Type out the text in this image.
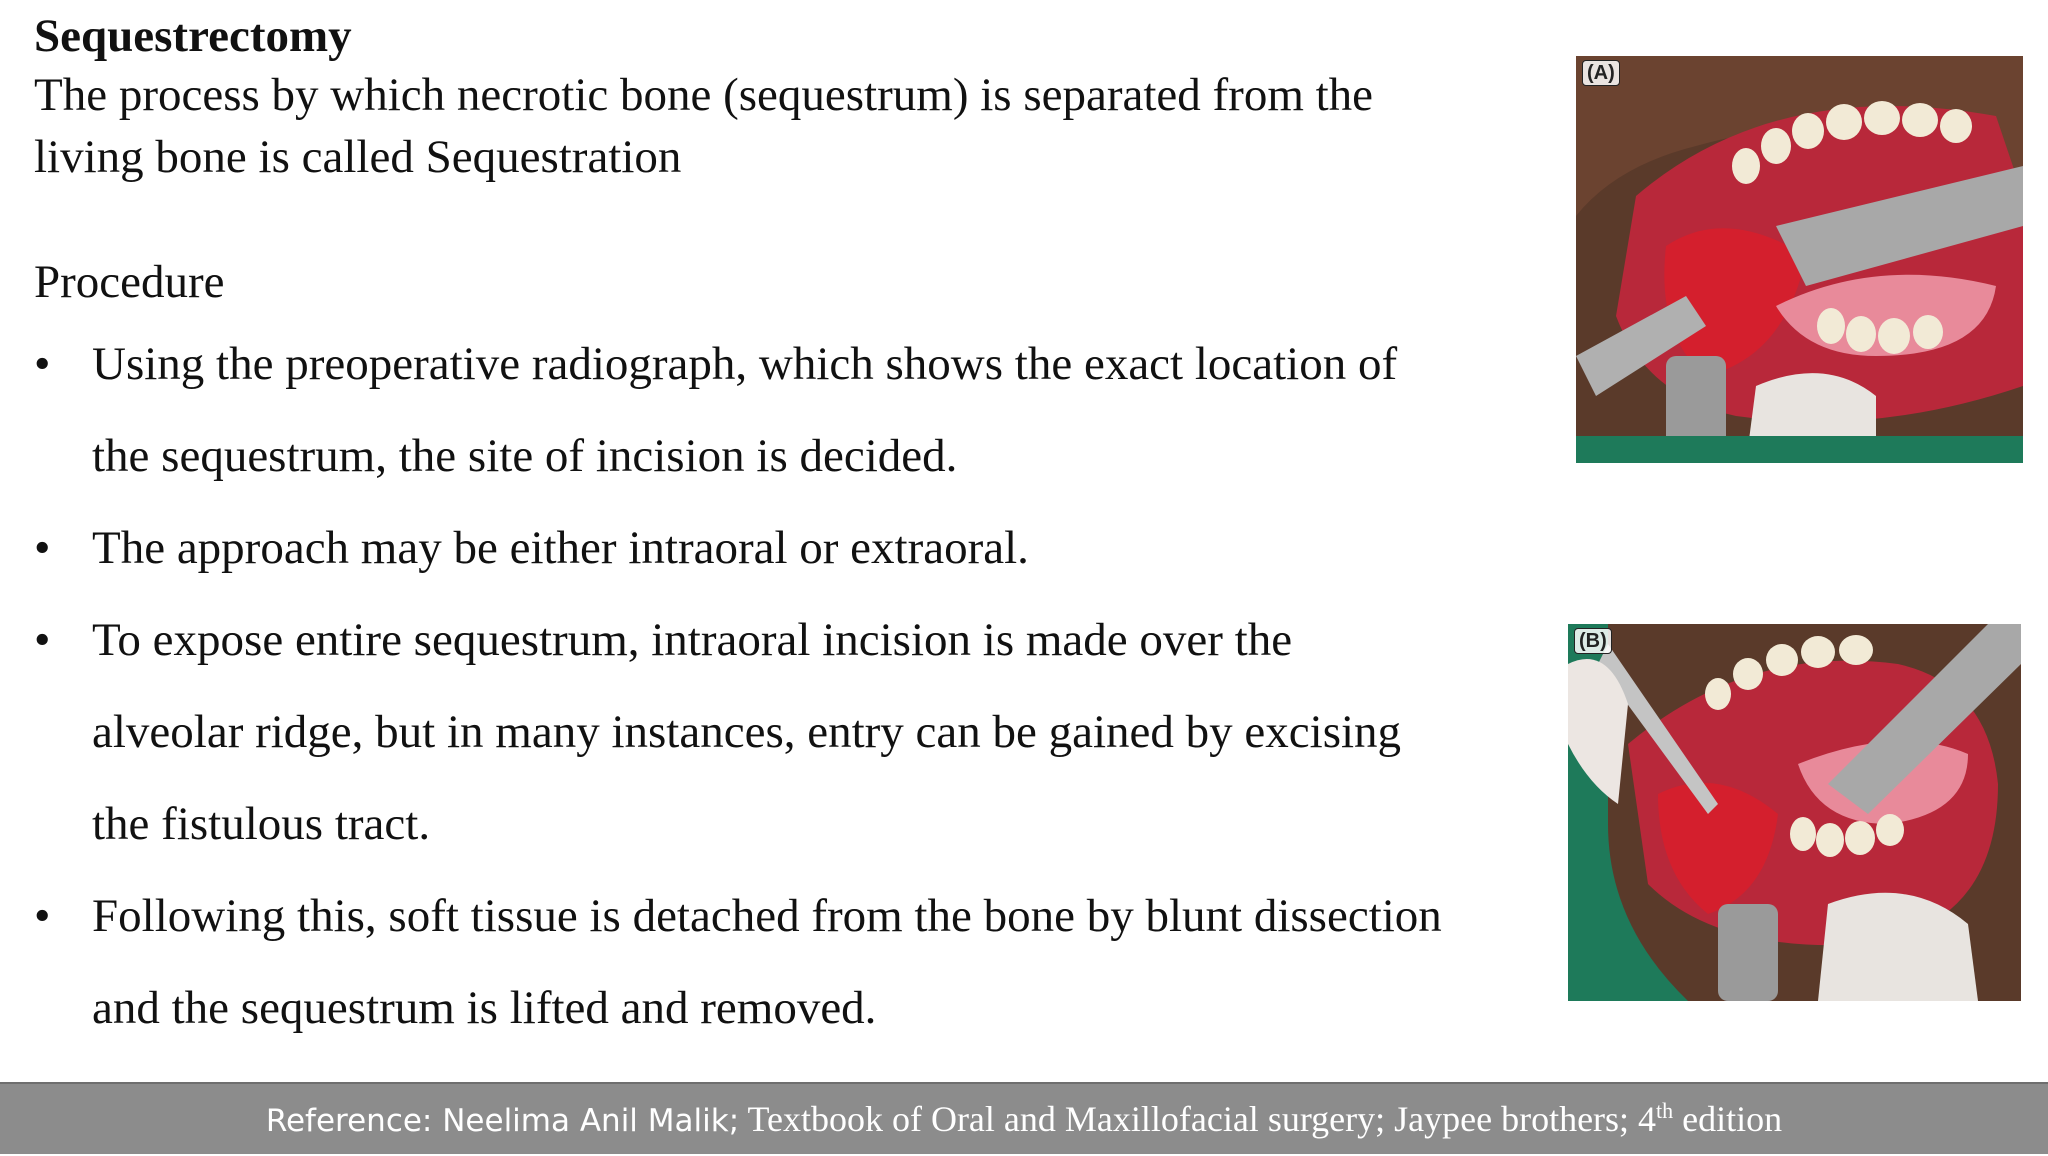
Sequestrectomy

The process by which necrotic bone (sequestrum) is separated from the
living bone is called Sequestration

Procedure

• Using the preoperative radiograph, which shows the exact location of
the sequestrum, the site of incision is decided.
• The approach may be either intraoral or extraoral.
• To expose entire sequestrum, intraoral incision is made over the
alveolar ridge, but in many instances, entry can be gained by excising
the fistulous tract.
• Following this, soft tissue is detached from the bone by blunt dissection
and the sequestrum is lifted and removed.
(A)
(B)
Reference: Neelima Anil Malik; Textbook of Oral and Maxillofacial surgery; Jaypee brothers; 4th edition
